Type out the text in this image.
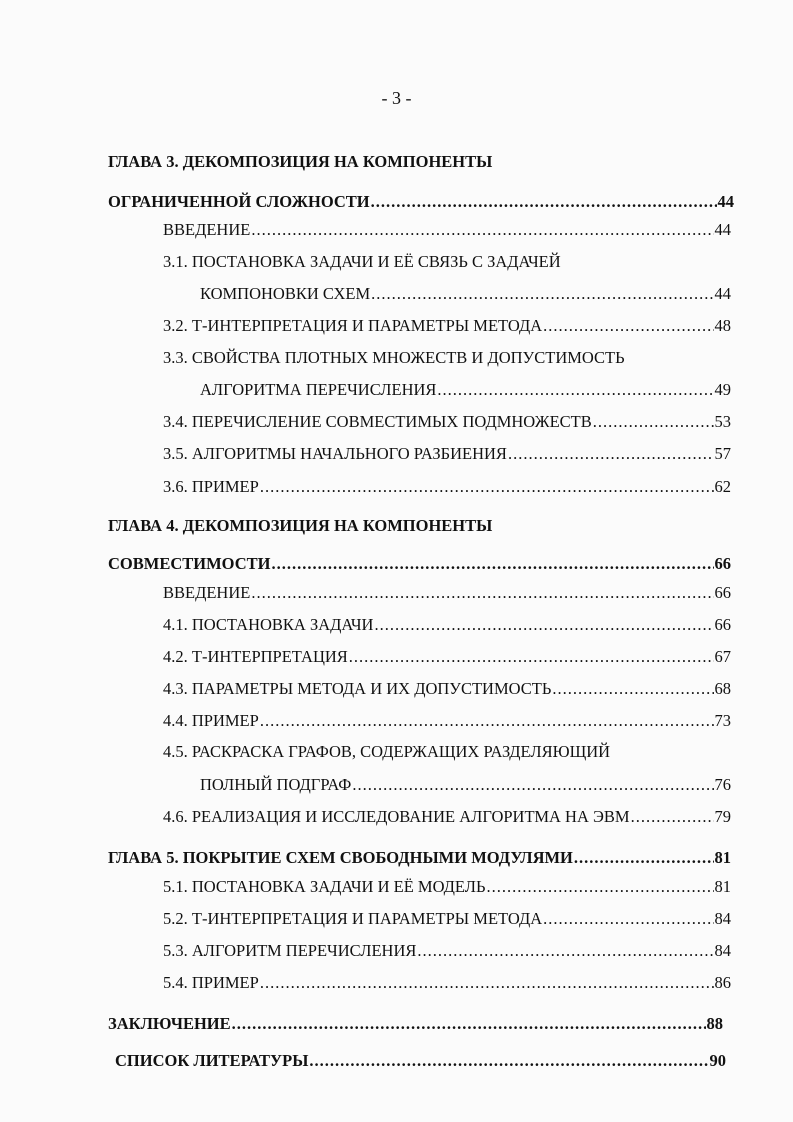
- 3 -
ГЛАВА 3. ДЕКОМПОЗИЦИЯ НА КОМПОНЕНТЫ
ОГРАНИЧЕННОЙ СЛОЖНОСТИ .....	44
ВВЕДЕНИЕ .....	44
3.1. ПОСТАНОВКА ЗАДАЧИ И ЕЁ СВЯЗЬ С ЗАДАЧЕЙ
КОМПОНОВКИ СХЕМ .....	44
3.2. Т-ИНТЕРПРЕТАЦИЯ И ПАРАМЕТРЫ МЕТОДА .....	48
3.3. СВОЙСТВА ПЛОТНЫХ МНОЖЕСТВ И ДОПУСТИМОСТЬ
АЛГОРИТМА ПЕРЕЧИСЛЕНИЯ .....	49
3.4. ПЕРЕЧИСЛЕНИЕ СОВМЕСТИМЫХ ПОДМНОЖЕСТВ .....	53
3.5. АЛГОРИТМЫ НАЧАЛЬНОГО РАЗБИЕНИЯ .....	57
3.6. ПРИМЕР .....	62
ГЛАВА 4. ДЕКОМПОЗИЦИЯ НА КОМПОНЕНТЫ
СОВМЕСТИМОСТИ .....	66
ВВЕДЕНИЕ .....	66
4.1. ПОСТАНОВКА ЗАДАЧИ .....	66
4.2. Т-ИНТЕРПРЕТАЦИЯ .....	67
4.3. ПАРАМЕТРЫ МЕТОДА И ИХ ДОПУСТИМОСТЬ .....	68
4.4. ПРИМЕР .....	73
4.5. РАСКРАСКА ГРАФОВ, СОДЕРЖАЩИХ РАЗДЕЛЯЮЩИЙ
ПОЛНЫЙ ПОДГРАФ .....	76
4.6. РЕАЛИЗАЦИЯ И ИССЛЕДОВАНИЕ АЛГОРИТМА НА ЭВМ .....	79
ГЛАВА 5. ПОКРЫТИЕ СХЕМ СВОБОДНЫМИ МОДУЛЯМИ .....	81
5.1. ПОСТАНОВКА ЗАДАЧИ И ЕЁ МОДЕЛЬ .....	81
5.2. Т-ИНТЕРПРЕТАЦИЯ И ПАРАМЕТРЫ МЕТОДА .....	84
5.3. АЛГОРИТМ ПЕРЕЧИСЛЕНИЯ .....	84
5.4. ПРИМЕР .....	86
ЗАКЛЮЧЕНИЕ .....	88
СПИСОК ЛИТЕРАТУРЫ .....	90
